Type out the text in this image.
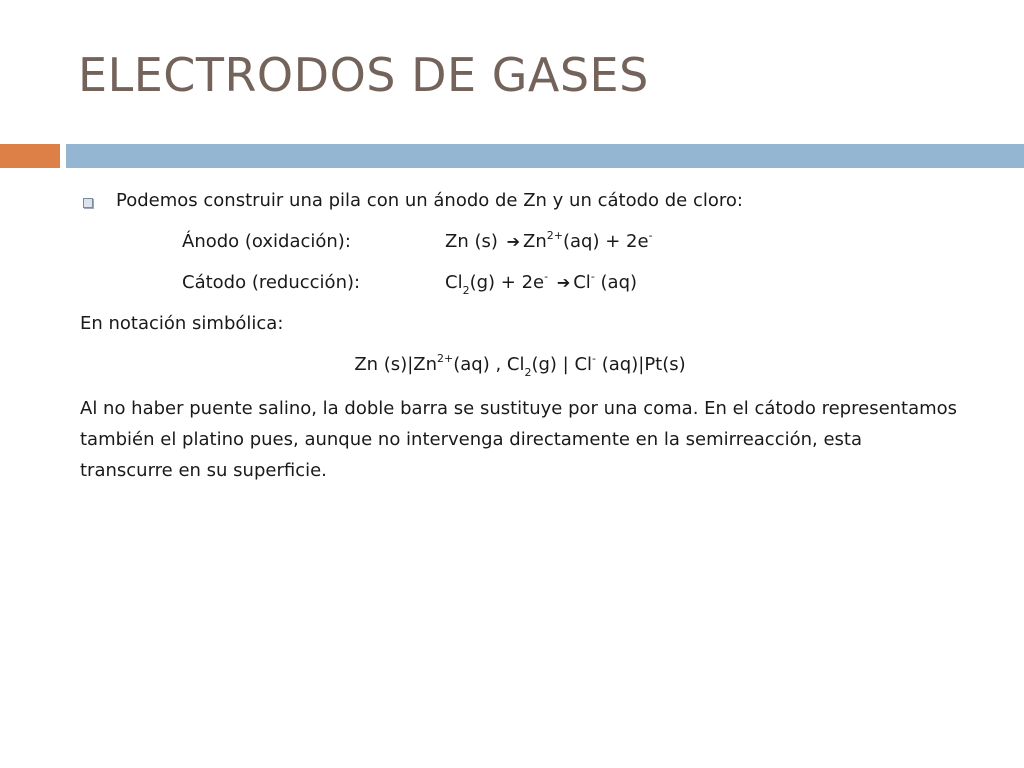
ELECTRODOS DE GASES
Podemos construir una pila con un ánodo de Zn y un cátodo de cloro:
Ánodo (oxidación):	Zn (s) ➔ $Zn^{2+}(aq) + 2e^-$
Cátodo (reducción):	$Cl_2(g) + 2e^-$ ➔ Cl- (aq)
En notación simbólica:
Zn $(s)|Zn^{2+}(aq)$ , $Cl_2(g)$ | Cl- (aq)|Pt(s)
Al no haber puente salino, la doble barra se sustituye por una coma. En el cátodo representamos también el platino pues, aunque no intervenga directamente en la semirreacción, esta transcurre en su superficie.
